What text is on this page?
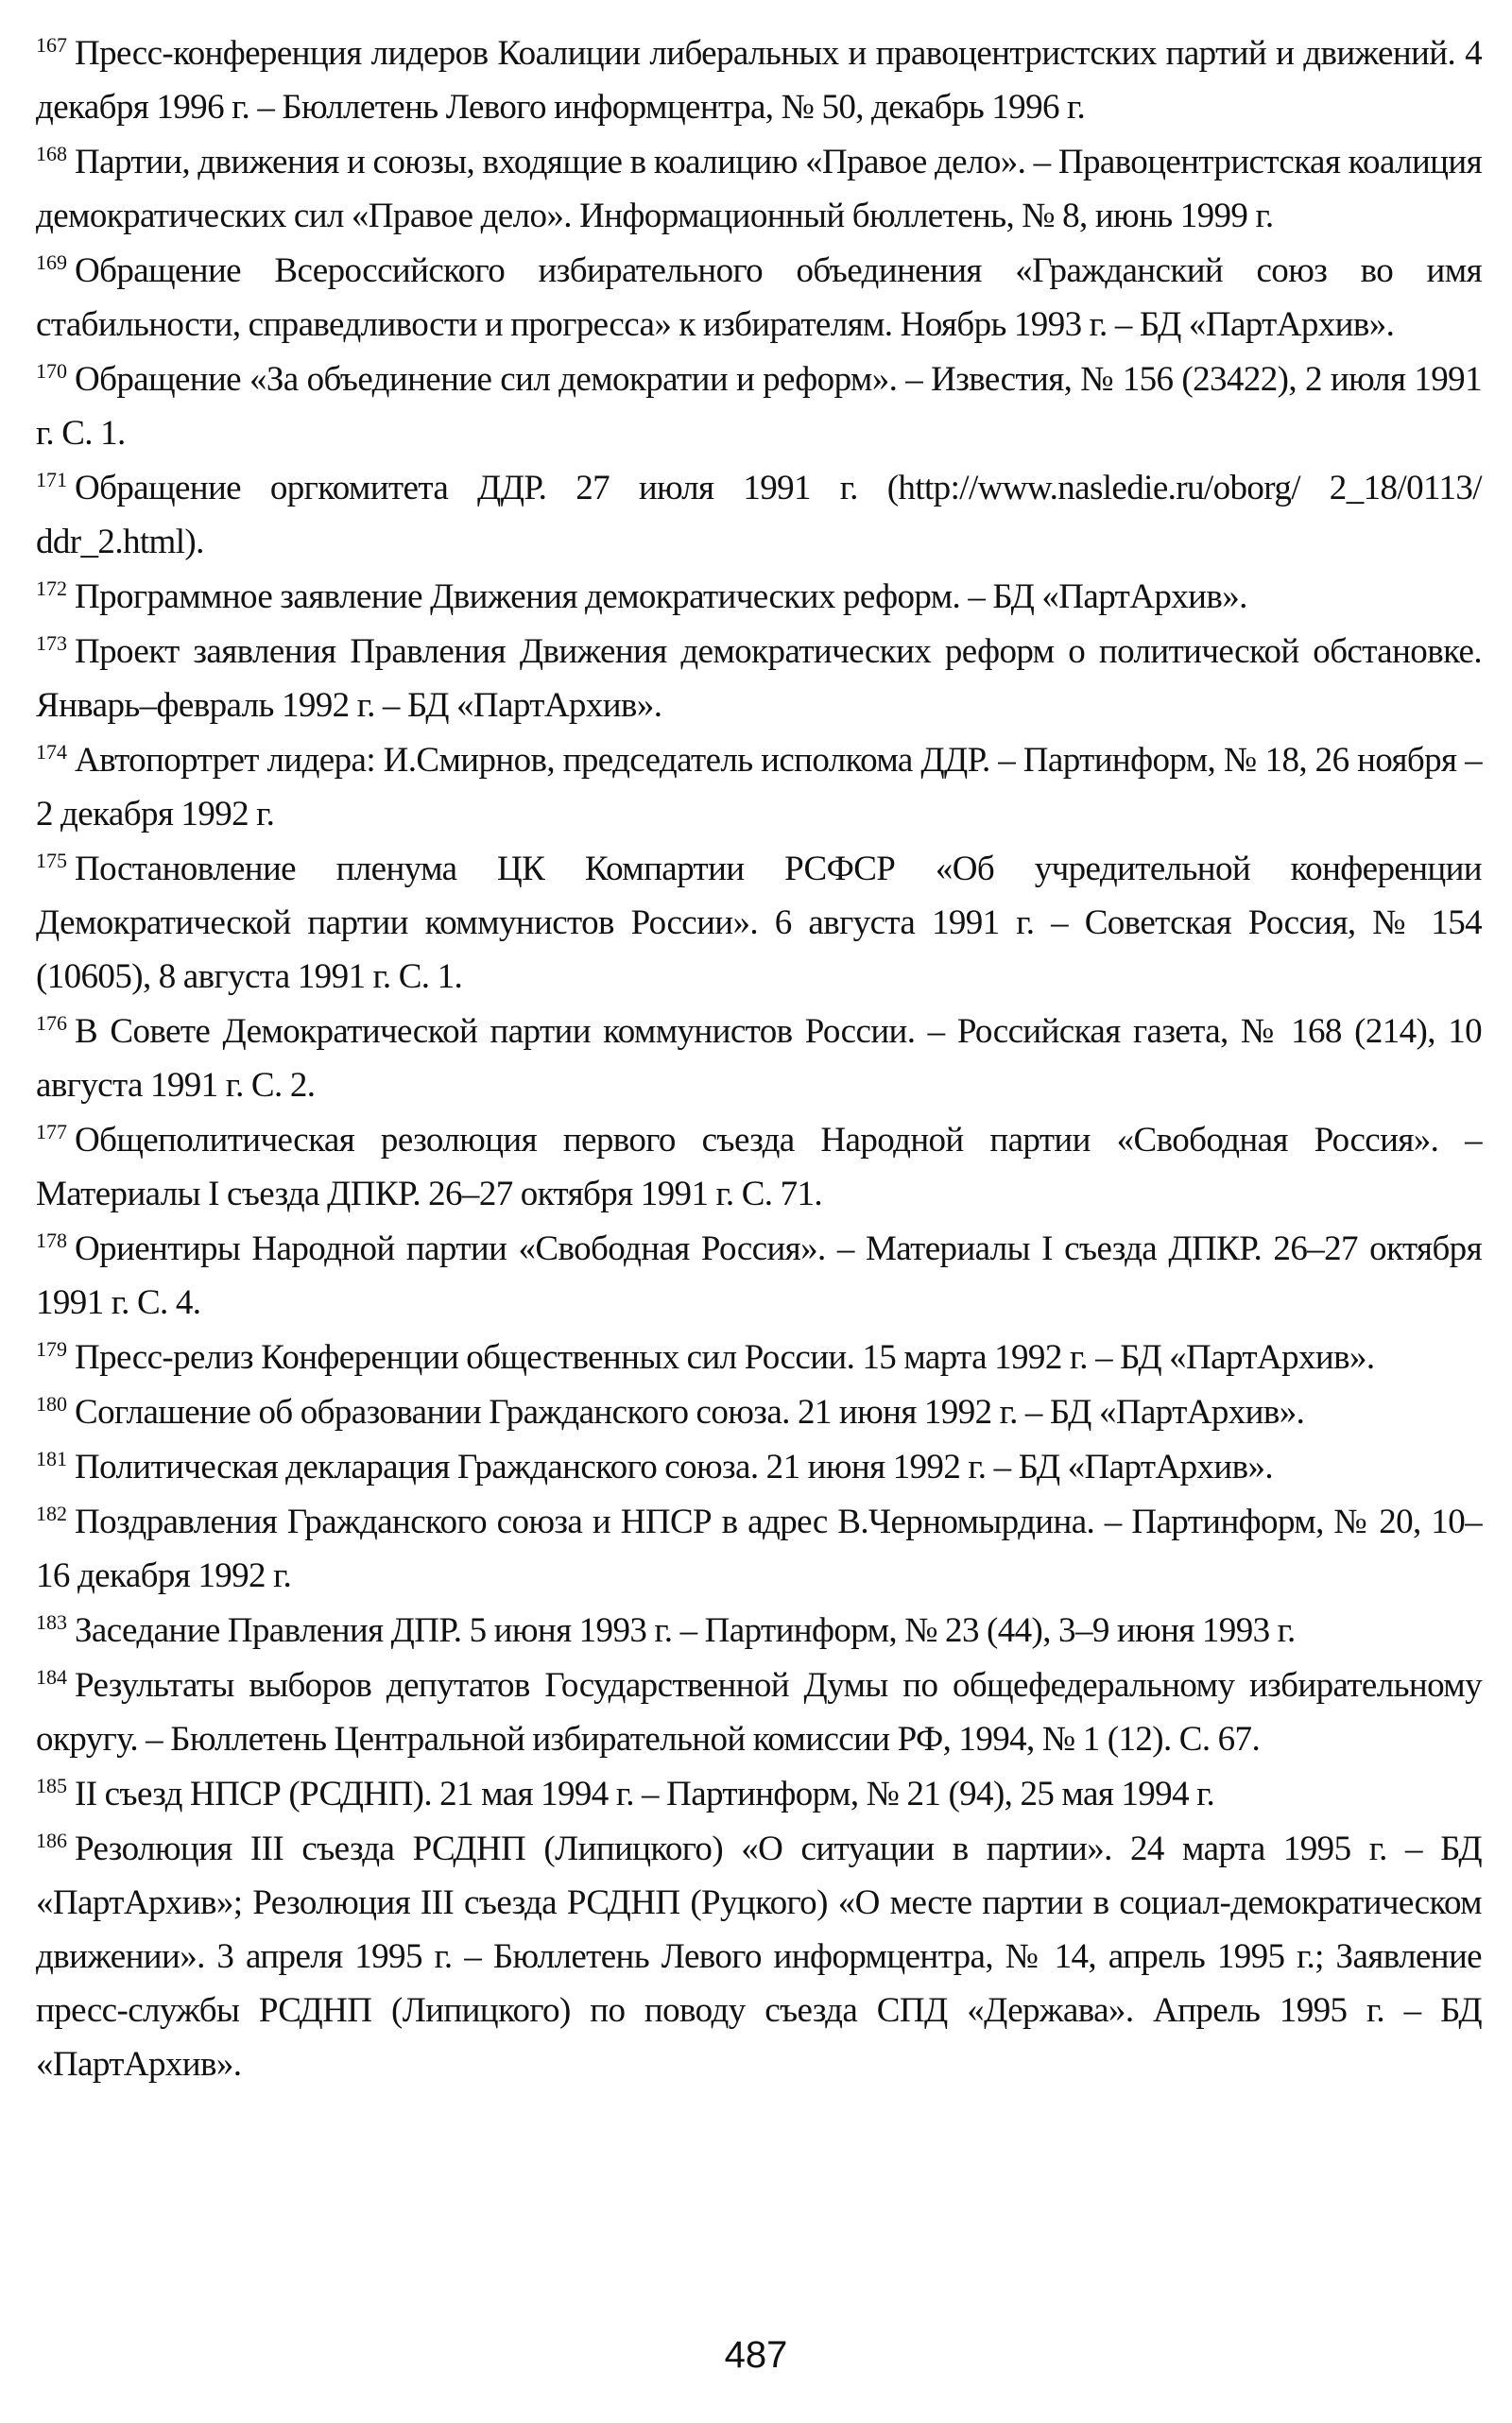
$^{167}$ Пресс-конференция лидеров Коалиции либеральных и правоцентристских партий и движений. 4 декабря 1996 г. – Бюллетень Левого информцентра, № 50, декабрь 1996 г.
$^{168}$ Партии, движения и союзы, входящие в коалицию «Правое дело». – Правоцентристская коалиция демократических сил «Правое дело». Информационный бюллетень, № 8, июнь 1999 г.
$^{169}$ Обращение Всероссийского избирательного объединения «Гражданский союз во имя стабильности, справедливости и прогресса» к избирателям. Ноябрь 1993 г. – БД «ПартАрхив».
$^{170}$ Обращение «За объединение сил демократии и реформ». – Известия, № 156 (23422), 2 июля 1991 г. С. 1.
$^{171}$ Обращение оргкомитета ДДР. 27 июля 1991 г. (http://www.nasledie.ru/oborg/ 2_18/0113/ ddr_2.html).
$^{172}$ Программное заявление Движения демократических реформ. – БД «ПартАрхив».
$^{173}$ Проект заявления Правления Движения демократических реформ о политической обстановке. Январь–февраль 1992 г. – БД «ПартАрхив».
$^{174}$ Автопортрет лидера: И.Смирнов, председатель исполкома ДДР. – Партинформ, № 18, 26 ноября – 2 декабря 1992 г.
$^{175}$ Постановление пленума ЦК Компартии РСФСР «Об учредительной конференции Демократической партии коммунистов России». 6 августа 1991 г. – Советская Россия, № 154 (10605), 8 августа 1991 г. С. 1.
$^{176}$ В Совете Демократической партии коммунистов России. – Российская газета, № 168 (214), 10 августа 1991 г. С. 2.
$^{177}$ Общеполитическая резолюция первого съезда Народной партии «Свободная Россия». – Материалы I съезда ДПКР. 26–27 октября 1991 г. С. 71.
$^{178}$ Ориентиры Народной партии «Свободная Россия». – Материалы I съезда ДПКР. 26–27 октября 1991 г. С. 4.
$^{179}$ Пресс-релиз Конференции общественных сил России. 15 марта 1992 г. – БД «ПартАрхив».
$^{180}$ Соглашение об образовании Гражданского союза. 21 июня 1992 г. – БД «ПартАрхив».
$^{181}$ Политическая декларация Гражданского союза. 21 июня 1992 г. – БД «ПартАрхив».
$^{182}$ Поздравления Гражданского союза и НПСР в адрес В.Черномырдина. – Партинформ, № 20, 10–16 декабря 1992 г.
$^{183}$ Заседание Правления ДПР. 5 июня 1993 г. – Партинформ, № 23 (44), 3–9 июня 1993 г.
$^{184}$ Результаты выборов депутатов Государственной Думы по общефедеральному избирательному округу. – Бюллетень Центральной избирательной комиссии РФ, 1994, № 1 (12). С. 67.
$^{185}$ II съезд НПСР (РСДНП). 21 мая 1994 г. – Партинформ, № 21 (94), 25 мая 1994 г.
$^{186}$ Резолюция III съезда РСДНП (Липицкого) «О ситуации в партии». 24 марта 1995 г. – БД «ПартАрхив»; Резолюция III съезда РСДНП (Руцкого) «О месте партии в социал-демократическом движении». 3 апреля 1995 г. – Бюллетень Левого информцентра, № 14, апрель 1995 г.; Заявление пресс-службы РСДНП (Липицкого) по поводу съезда СПД «Держава». Апрель 1995 г. – БД «ПартАрхив».
487
